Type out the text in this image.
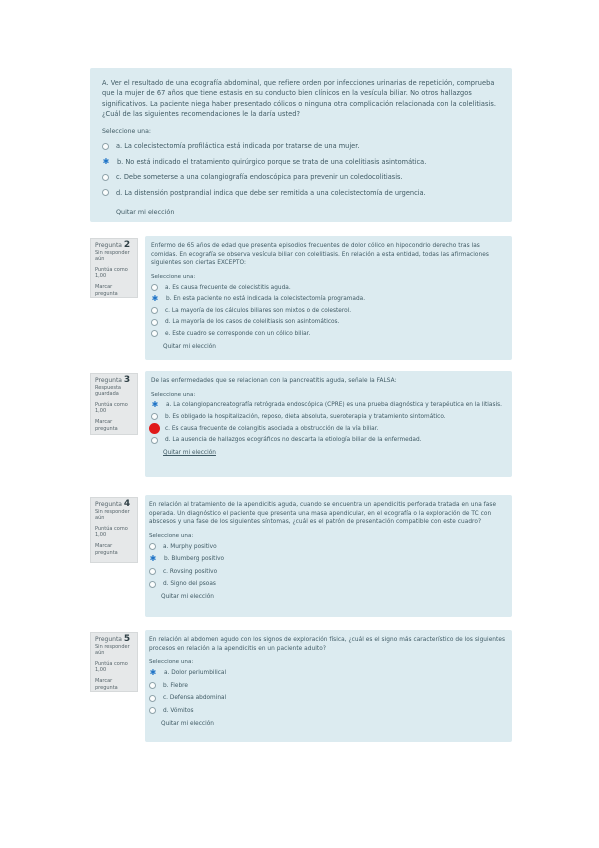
A. Ver el resultado de una ecografía abdominal, que refiere orden por infecciones urinarias de repetición, comprueba que la mujer de 67 años que tiene estasis en su conducto bien clínicos en la vesícula biliar. No otros hallazgos significativos. La paciente niega haber presentado cólicos o ninguna otra complicación relacionada con la colelitiasis. ¿Cuál de las siguientes recomendaciones le la daría usted?

Seleccione una:

a. La colecistectomía profiláctica está indicada por tratarse de una mujer.
✱ b. No está indicado el tratamiento quirúrgico porque se trata de una colelitiasis asintomática.
c. Debe someterse a una colangiografía endoscópica para prevenir un coledocolitiasis.
d. La distensión postprandial indica que debe ser remitida a una colecistectomía de urgencia.

Quitar mi elección

Pregunta 2
Sin responder aún
Puntúa como 1,00
Marcar pregunta

Enfermo de 65 años de edad que presenta episodios frecuentes de dolor cólico en hipocondrio derecho tras las comidas. En ecografía se observa vesícula biliar con colelitiasis. En relación a esta entidad, todas las afirmaciones siguientes son ciertas EXCEPTO:

Seleccione una:

a. Es causa frecuente de colecistitis aguda.
✱ b. En esta paciente no está indicada la colecistectomía programada.
c. La mayoría de los cálculos biliares son mixtos o de colesterol.
d. La mayoría de los casos de colelitiasis son asintomáticos.
e. Este cuadro se corresponde con un cólico biliar.

Quitar mi elección

Pregunta 3
Respuesta guardada
Puntúa como 1,00
Marcar pregunta

De las enfermedades que se relacionan con la pancreatitis aguda, señale la FALSA:

Seleccione una:

✱ a. La colangiopancreatografía retrógrada endoscópica (CPRE) es una prueba diagnóstica y terapéutica en la litiasis.
b. Es obligado la hospitalización, reposo, dieta absoluta, sueroterapia y tratamiento sintomático.
c. Es causa frecuente de colangitis asociada a obstrucción de la vía biliar.
d. La ausencia de hallazgos ecográficos no descarta la etiología biliar de la enfermedad.

Quitar mi elección

Pregunta 4
Sin responder aún
Puntúa como 1,00
Marcar pregunta

En relación al tratamiento de la apendicitis aguda, cuando se encuentra un apendicitis perforada tratada en una fase operada. Un diagnóstico el paciente que presenta una masa apendicular, en el ecografía o la exploración de TC con abscesos y una fase de los siguientes síntomas, ¿cuál es el patrón de presentación compatible con este cuadro?

Seleccione una:

a. Murphy positivo
✱ b. Blumberg positivo
c. Rovsing positivo
d. Signo del psoas

Quitar mi elección

Pregunta 5
Sin responder aún
Puntúa como 1,00
Marcar pregunta

En relación al abdomen agudo con los signos de exploración física, ¿cuál es el signo más característico de los siguientes procesos en relación a la apendicitis en un paciente adulto?

Seleccione una:

✱ a. Dolor periumbilical
b. Fiebre
c. Defensa abdominal
d. Vómitos

Quitar mi elección
